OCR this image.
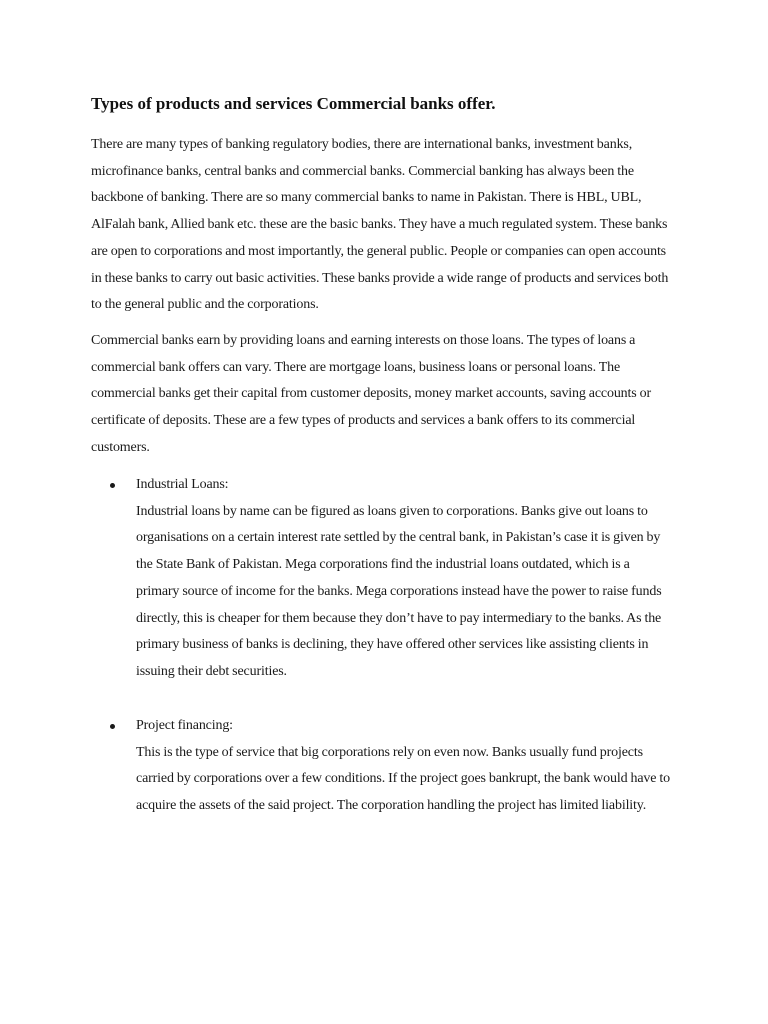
Types of products and services Commercial banks offer.

There are many types of banking regulatory bodies, there are international banks, investment banks, microfinance banks, central banks and commercial banks. Commercial banking has always been the backbone of banking. There are so many commercial banks to name in Pakistan. There is HBL, UBL, AlFalah bank, Allied bank etc. these are the basic banks. They have a much regulated system. These banks are open to corporations and most importantly, the general public. People or companies can open accounts in these banks to carry out basic activities. These banks provide a wide range of products and services both to the general public and the corporations.

Commercial banks earn by providing loans and earning interests on those loans. The types of loans a commercial bank offers can vary. There are mortgage loans, business loans or personal loans. The commercial banks get their capital from customer deposits, money market accounts, saving accounts or certificate of deposits. These are a few types of products and services a bank offers to its commercial customers.

Industrial Loans:
Industrial loans by name can be figured as loans given to corporations. Banks give out loans to organisations on a certain interest rate settled by the central bank, in Pakistan’s case it is given by the State Bank of Pakistan. Mega corporations find the industrial loans outdated, which is a primary source of income for the banks. Mega corporations instead have the power to raise funds directly, this is cheaper for them because they don’t have to pay intermediary to the banks. As the primary business of banks is declining, they have offered other services like assisting clients in issuing their debt securities.
Project financing:
This is the type of service that big corporations rely on even now. Banks usually fund projects carried by corporations over a few conditions. If the project goes bankrupt, the bank would have to acquire the assets of the said project. The corporation handling the project has limited liability.
